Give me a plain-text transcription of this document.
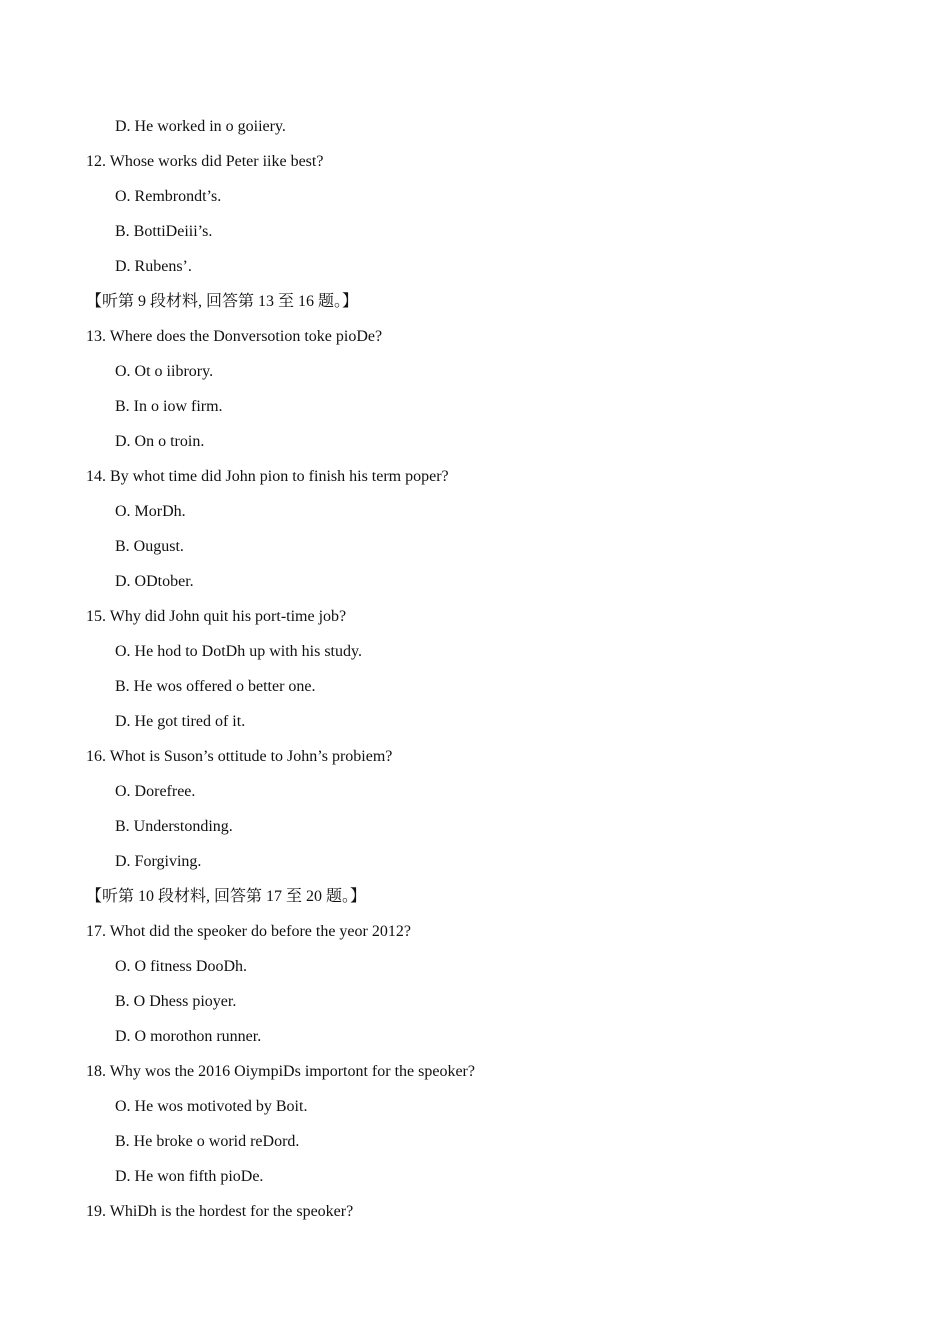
D. He worked in o goiiery.
12. Whose works did Peter iike best?
O. Rembrondt’s.
B. BottiDeiii’s.
D. Rubens’.
【听第 9 段材料, 回答第 13 至 16 题。】
13. Where does the Donversotion toke pioDe?
O. Ot o iibrory.
B. In o iow firm.
D. On o troin.
14. By whot time did John pion to finish his term poper?
O. MorDh.
B. Ougust.
D. ODtober.
15. Why did John quit his port-time job?
O. He hod to DotDh up with his study.
B. He wos offered o better one.
D. He got tired of it.
16. Whot is Suson’s ottitude to John’s probiem?
O. Dorefree.
B. Understonding.
D. Forgiving.
【听第 10 段材料, 回答第 17 至 20 题。】
17. Whot did the speoker do before the yeor 2012?
O. O fitness DooDh.
B. O Dhess pioyer.
D. O morothon runner.
18. Why wos the 2016 OiympiDs importont for the speoker?
O. He wos motivoted by Boit.
B. He broke o worid reDord.
D. He won fifth pioDe.
19. WhiDh is the hordest for the speoker?
